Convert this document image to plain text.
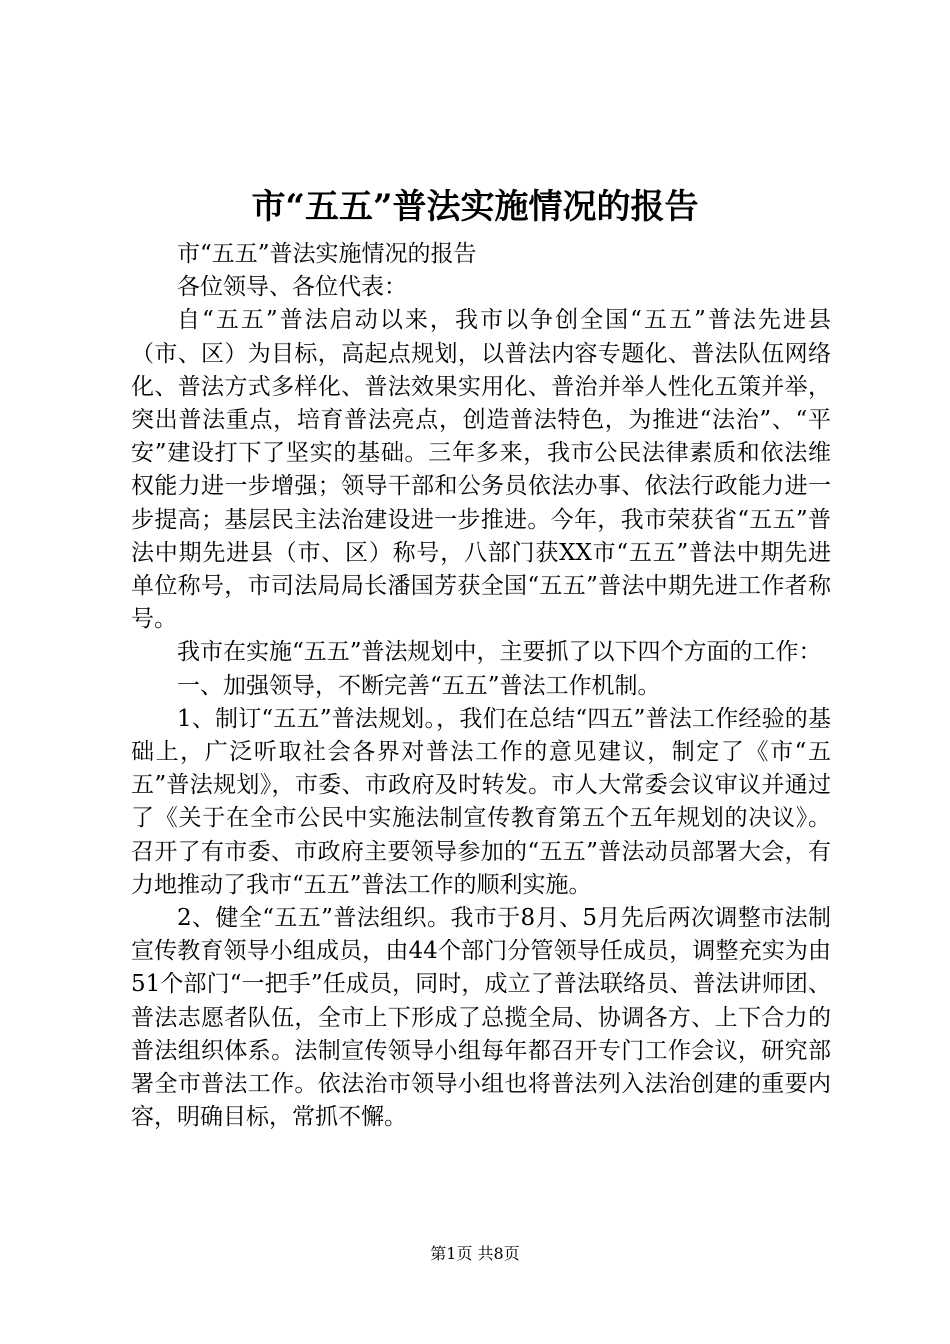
市“五五”普法实施情况的报告

市“五五”普法实施情况的报告

各位领导、各位代表：

自“五五”普法启动以来，我市以争创全国“五五”普法先进县（市、区）为目标，高起点规划，以普法内容专题化、普法队伍网络化、普法方式多样化、普法效果实用化、普治并举人性化五策并举，突出普法重点，培育普法亮点，创造普法特色，为推进“法治”、“平安”建设打下了坚实的基础。三年多来，我市公民法律素质和依法维权能力进一步增强；领导干部和公务员依法办事、依法行政能力进一步提高；基层民主法治建设进一步推进。今年，我市荣获省“五五”普法中期先进县（市、区）称号，八部门获XX市“五五”普法中期先进单位称号，市司法局局长潘国芳获全国“五五”普法中期先进工作者称号。

我市在实施“五五”普法规划中，主要抓了以下四个方面的工作：

一、加强领导，不断完善“五五”普法工作机制。

1、制订“五五”普法规划。，我们在总结“四五”普法工作经验的基础上，广泛听取社会各界对普法工作的意见建议，制定了《市“五五”普法规划》，市委、市政府及时转发。市人大常委会议审议并通过了《关于在全市公民中实施法制宣传教育第五个五年规划的决议》。召开了有市委、市政府主要领导参加的“五五”普法动员部署大会，有力地推动了我市“五五”普法工作的顺利实施。

2、健全“五五”普法组织。我市于8月、5月先后两次调整市法制宣传教育领导小组成员，由44个部门分管领导任成员，调整充实为由51个部门“一把手”任成员，同时，成立了普法联络员、普法讲师团、普法志愿者队伍，全市上下形成了总揽全局、协调各方、上下合力的普法组织体系。法制宣传领导小组每年都召开专门工作会议，研究部署全市普法工作。依法治市领导小组也将普法列入法治创建的重要内容，明确目标，常抓不懈。

第1页 共8页
